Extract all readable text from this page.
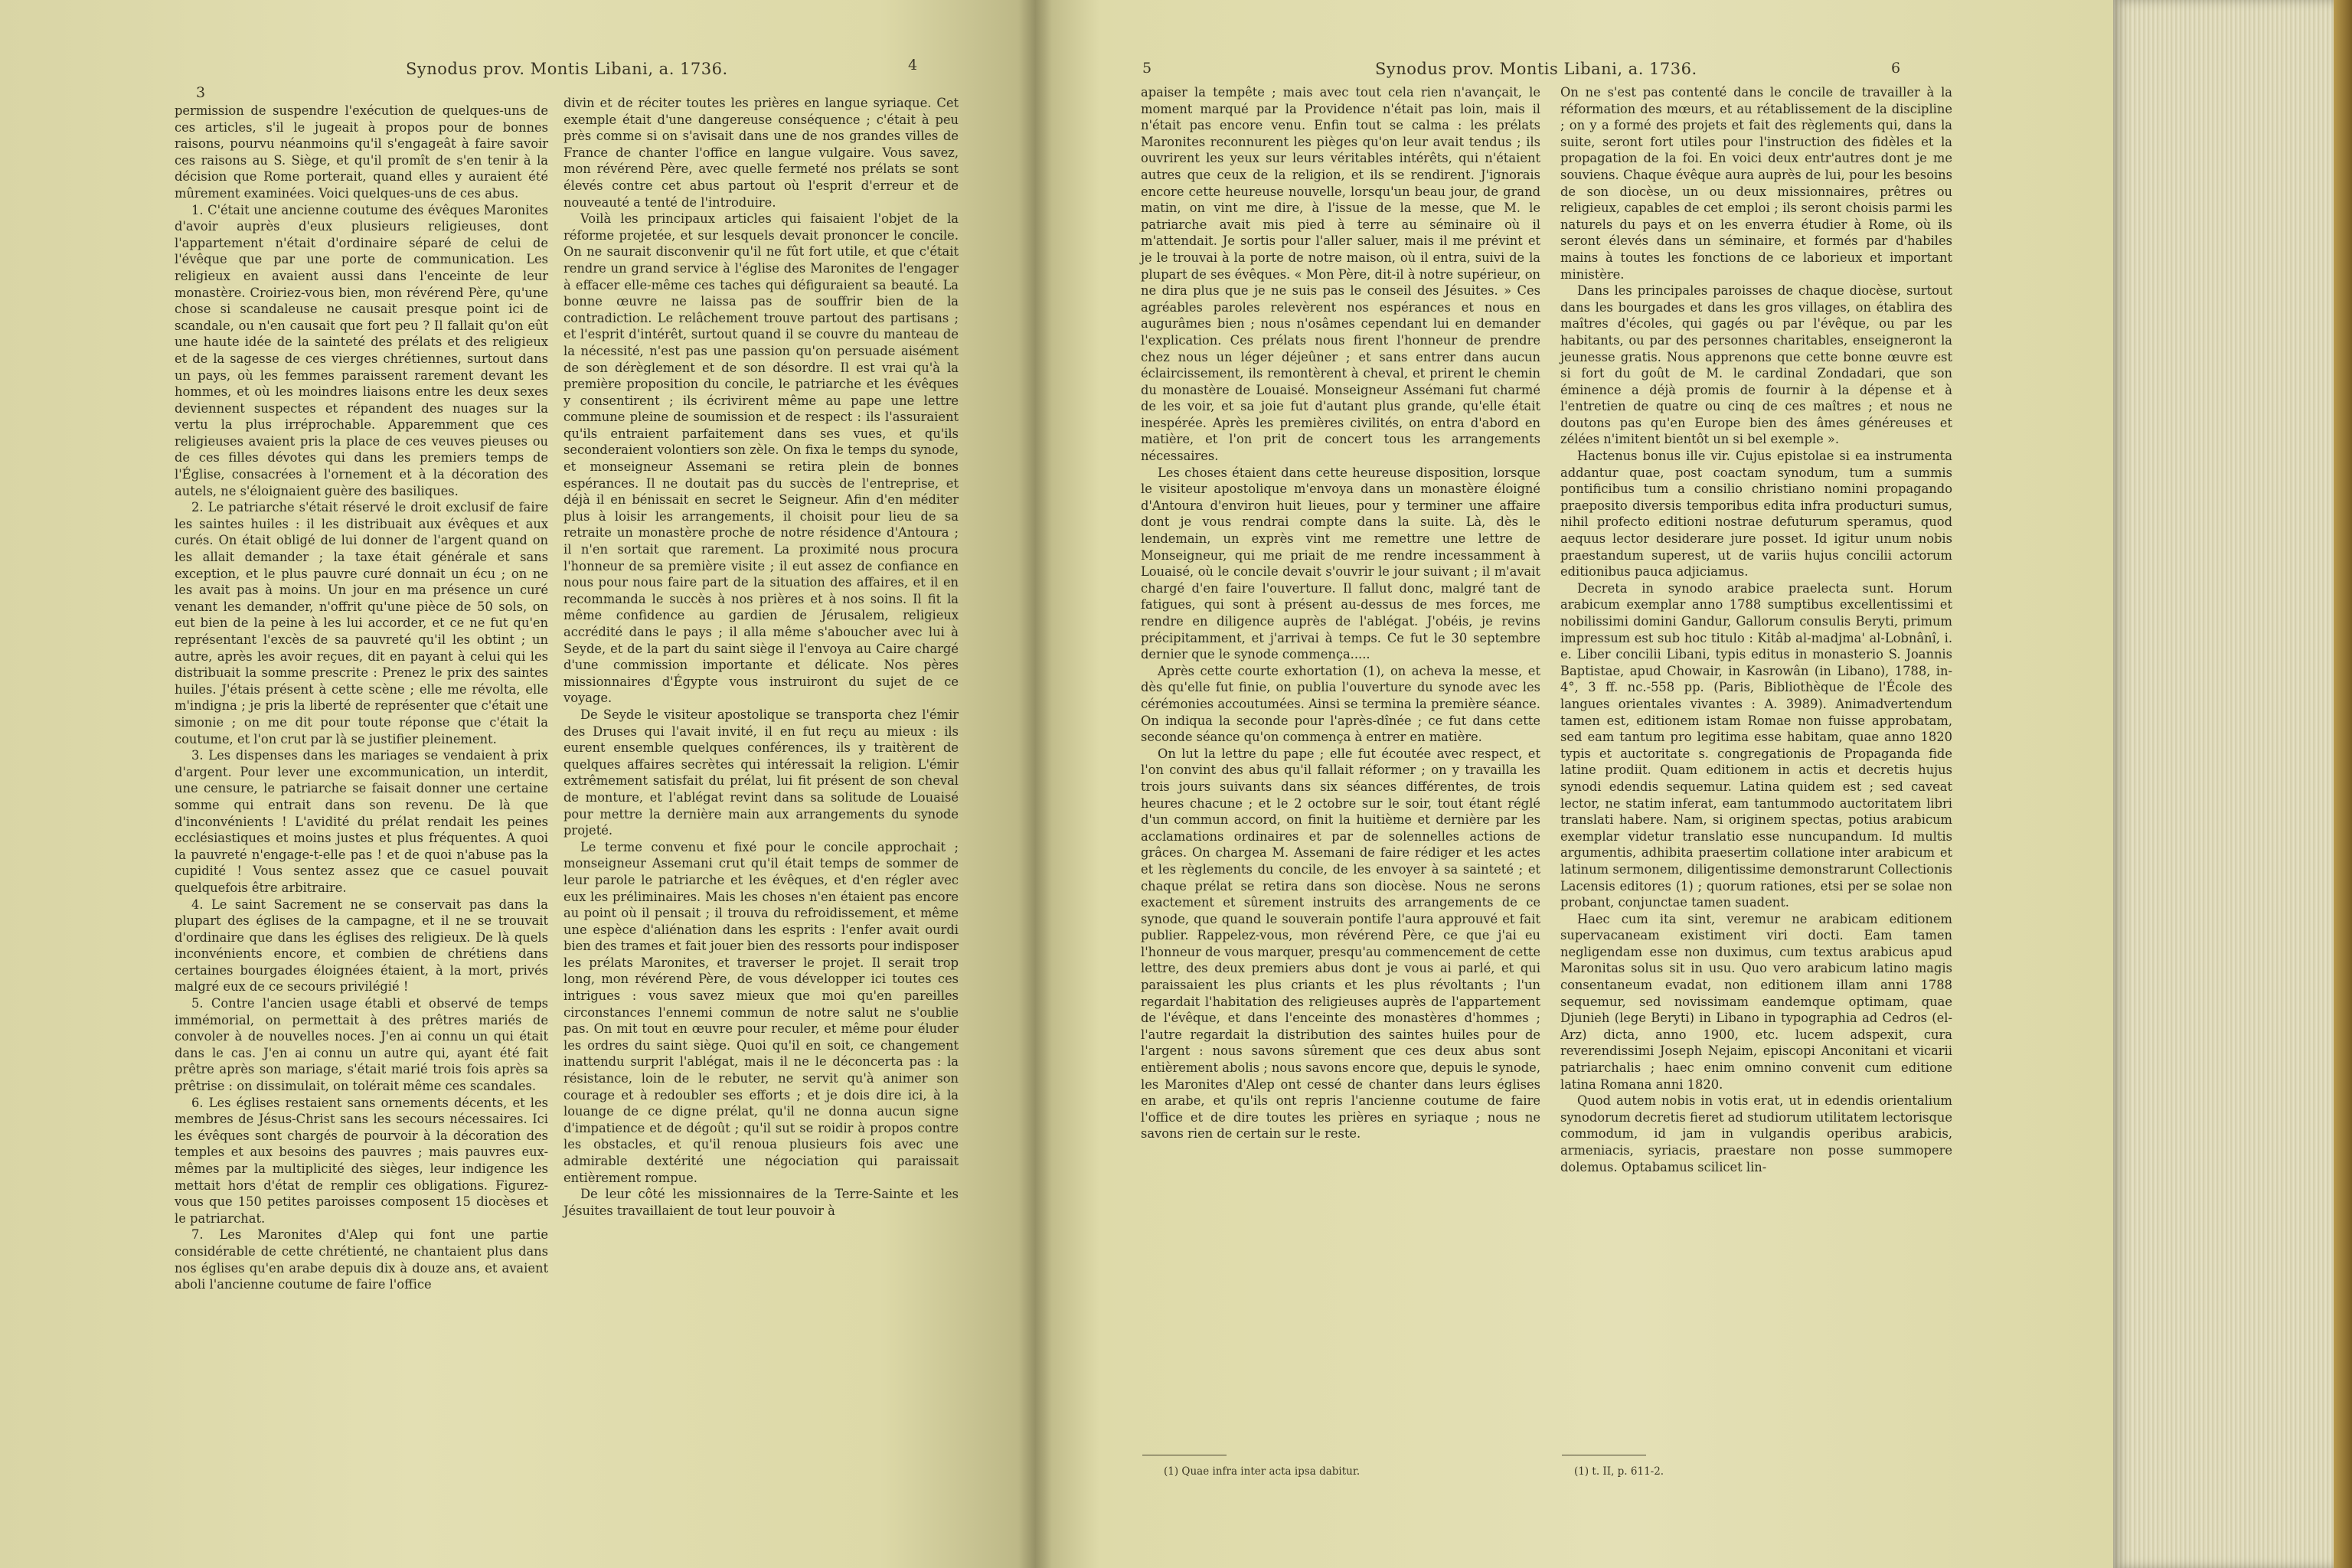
Synodus prov. Montis Libani, a. 1736.
3
4

permission de suspendre l'exécution de quelques-uns de ces articles, s'il le jugeait à propos pour de bonnes raisons, pourvu néanmoins qu'il s'engageât à faire savoir ces raisons au S. Siège, et qu'il promît de s'en tenir à la décision que Rome porterait, quand elles y auraient été mûrement examinées. Voici quelques-uns de ces abus.

1. C'était une ancienne coutume des évêques Maronites d'avoir auprès d'eux plusieurs religieuses, dont l'appartement n'était d'ordinaire séparé de celui de l'évêque que par une porte de communication. Les religieux en avaient aussi dans l'enceinte de leur monastère. Croiriez-vous bien, mon révérend Père, qu'une chose si scandaleuse ne causait presque point ici de scandale, ou n'en causait que fort peu ? Il fallait qu'on eût une haute idée de la sainteté des prélats et des religieux et de la sagesse de ces vierges chrétiennes, surtout dans un pays, où les femmes paraissent rarement devant les hommes, et où les moindres liaisons entre les deux sexes deviennent suspectes et répandent des nuages sur la vertu la plus irréprochable. Apparemment que ces religieuses avaient pris la place de ces veuves pieuses ou de ces filles dévotes qui dans les premiers temps de l'Église, consacrées à l'ornement et à la décoration des autels, ne s'éloignaient guère des basiliques.

2. Le patriarche s'était réservé le droit exclusif de faire les saintes huiles : il les distribuait aux évêques et aux curés. On était obligé de lui donner de l'argent quand on les allait demander ; la taxe était générale et sans exception, et le plus pauvre curé donnait un écu ; on ne les avait pas à moins. Un jour en ma présence un curé venant les demander, n'offrit qu'une pièce de 50 sols, on eut bien de la peine à les lui accorder, et ce ne fut qu'en représentant l'excès de sa pauvreté qu'il les obtint ; un autre, après les avoir reçues, dit en payant à celui qui les distribuait la somme prescrite : Prenez le prix des saintes huiles. J'étais présent à cette scène ; elle me révolta, elle m'indigna ; je pris la liberté de représenter que c'était une simonie ; on me dit pour toute réponse que c'était la coutume, et l'on crut par là se justifier pleinement.

3. Les dispenses dans les mariages se vendaient à prix d'argent. Pour lever une excommunication, un interdit, une censure, le patriarche se faisait donner une certaine somme qui entrait dans son revenu. De là que d'inconvénients ! L'avidité du prélat rendait les peines ecclésiastiques et moins justes et plus fréquentes. A quoi la pauvreté n'engage-t-elle pas ! et de quoi n'abuse pas la cupidité ! Vous sentez assez que ce casuel pouvait quelquefois être arbitraire.

4. Le saint Sacrement ne se conservait pas dans la plupart des églises de la campagne, et il ne se trouvait d'ordinaire que dans les églises des religieux. De là quels inconvénients encore, et combien de chrétiens dans certaines bourgades éloignées étaient, à la mort, privés malgré eux de ce secours privilégié !

5. Contre l'ancien usage établi et observé de temps immémorial, on permettait à des prêtres mariés de convoler à de nouvelles noces. J'en ai connu un qui était dans le cas. J'en ai connu un autre qui, ayant été fait prêtre après son mariage, s'était marié trois fois après sa prêtrise : on dissimulait, on tolérait même ces scandales.

6. Les églises restaient sans ornements décents, et les membres de Jésus-Christ sans les secours nécessaires. Ici les évêques sont chargés de pourvoir à la décoration des temples et aux besoins des pauvres ; mais pauvres eux-mêmes par la multiplicité des sièges, leur indigence les mettait hors d'état de remplir ces obligations. Figurez-vous que 150 petites paroisses composent 15 diocèses et le patriarchat.

7. Les Maronites d'Alep qui font une partie considérable de cette chrétienté, ne chantaient plus dans nos églises qu'en arabe depuis dix à douze ans, et avaient aboli l'ancienne coutume de faire l'office

divin et de réciter toutes les prières en langue syriaque. Cet exemple était d'une dangereuse conséquence ; c'était à peu près comme si on s'avisait dans une de nos grandes villes de France de chanter l'office en langue vulgaire. Vous savez, mon révérend Père, avec quelle fermeté nos prélats se sont élevés contre cet abus partout où l'esprit d'erreur et de nouveauté a tenté de l'introduire.

Voilà les principaux articles qui faisaient l'objet de la réforme projetée, et sur lesquels devait prononcer le concile. On ne saurait disconvenir qu'il ne fût fort utile, et que c'était rendre un grand service à l'église des Maronites de l'engager à effacer elle-même ces taches qui défiguraient sa beauté. La bonne œuvre ne laissa pas de souffrir bien de la contradiction. Le relâchement trouve partout des partisans ; et l'esprit d'intérêt, surtout quand il se couvre du manteau de la nécessité, n'est pas une passion qu'on persuade aisément de son dérèglement et de son désordre. Il est vrai qu'à la première proposition du concile, le patriarche et les évêques y consentirent ; ils écrivirent même au pape une lettre commune pleine de soumission et de respect : ils l'assuraient qu'ils entraient parfaitement dans ses vues, et qu'ils seconderaient volontiers son zèle. On fixa le temps du synode, et monseigneur Assemani se retira plein de bonnes espérances. Il ne doutait pas du succès de l'entreprise, et déjà il en bénissait en secret le Seigneur. Afin d'en méditer plus à loisir les arrangements, il choisit pour lieu de sa retraite un monastère proche de notre résidence d'Antoura ; il n'en sortait que rarement. La proximité nous procura l'honneur de sa première visite ; il eut assez de confiance en nous pour nous faire part de la situation des affaires, et il en recommanda le succès à nos prières et à nos soins. Il fit la même confidence au gardien de Jérusalem, religieux accrédité dans le pays ; il alla même s'aboucher avec lui à Seyde, et de la part du saint siège il l'envoya au Caire chargé d'une commission importante et délicate. Nos pères missionnaires d'Égypte vous instruiront du sujet de ce voyage.

De Seyde le visiteur apostolique se transporta chez l'émir des Druses qui l'avait invité, il en fut reçu au mieux : ils eurent ensemble quelques conférences, ils y traitèrent de quelques affaires secrètes qui intéressait la religion. L'émir extrêmement satisfait du prélat, lui fit présent de son cheval de monture, et l'ablégat revint dans sa solitude de Louaisé pour mettre la dernière main aux arrangements du synode projeté.

Le terme convenu et fixé pour le concile approchait ; monseigneur Assemani crut qu'il était temps de sommer de leur parole le patriarche et les évêques, et d'en régler avec eux les préliminaires. Mais les choses n'en étaient pas encore au point où il pensait ; il trouva du refroidissement, et même une espèce d'aliénation dans les esprits : l'enfer avait ourdi bien des trames et fait jouer bien des ressorts pour indisposer les prélats Maronites, et traverser le projet. Il serait trop long, mon révérend Père, de vous développer ici toutes ces intrigues : vous savez mieux que moi qu'en pareilles circonstances l'ennemi commun de notre salut ne s'oublie pas. On mit tout en œuvre pour reculer, et même pour éluder les ordres du saint siège. Quoi qu'il en soit, ce changement inattendu surprit l'ablégat, mais il ne le déconcerta pas : la résistance, loin de le rebuter, ne servit qu'à animer son courage et à redoubler ses efforts ; et je dois dire ici, à la louange de ce digne prélat, qu'il ne donna aucun signe d'impatience et de dégoût ; qu'il sut se roidir à propos contre les obstacles, et qu'il renoua plusieurs fois avec une admirable dextérité une négociation qui paraissait entièrement rompue.

De leur côté les missionnaires de la Terre-Sainte et les Jésuites travaillaient de tout leur pouvoir à

5	Synodus prov. Montis Libani, a. 1736.	6

apaiser la tempête ; mais avec tout cela rien n'avançait, le moment marqué par la Providence n'était pas loin, mais il n'était pas encore venu. Enfin tout se calma : les prélats Maronites reconnurent les pièges qu'on leur avait tendus ; ils ouvrirent les yeux sur leurs véritables intérêts, qui n'étaient autres que ceux de la religion, et ils se rendirent. J'ignorais encore cette heureuse nouvelle, lorsqu'un beau jour, de grand matin, on vint me dire, à l'issue de la messe, que M. le patriarche avait mis pied à terre au séminaire où il m'attendait. Je sortis pour l'aller saluer, mais il me prévint et je le trouvai à la porte de notre maison, où il entra, suivi de la plupart de ses évêques. « Mon Père, dit-il à notre supérieur, on ne dira plus que je ne suis pas le conseil des Jésuites. » Ces agréables paroles relevèrent nos espérances et nous en augurâmes bien ; nous n'osâmes cependant lui en demander l'explication. Ces prélats nous firent l'honneur de prendre chez nous un léger déjeûner ; et sans entrer dans aucun éclaircissement, ils remontèrent à cheval, et prirent le chemin du monastère de Louaisé. Monseigneur Assémani fut charmé de les voir, et sa joie fut d'autant plus grande, qu'elle était inespérée. Après les premières civilités, on entra d'abord en matière, et l'on prit de concert tous les arrangements nécessaires.

Les choses étaient dans cette heureuse disposition, lorsque le visiteur apostolique m'envoya dans un monastère éloigné d'Antoura d'environ huit lieues, pour y terminer une affaire dont je vous rendrai compte dans la suite. Là, dès le lendemain, un exprès vint me remettre une lettre de Monseigneur, qui me priait de me rendre incessamment à Louaisé, où le concile devait s'ouvrir le jour suivant ; il m'avait chargé d'en faire l'ouverture. Il fallut donc, malgré tant de fatigues, qui sont à présent au-dessus de mes forces, me rendre en diligence auprès de l'ablégat. J'obéis, je revins précipitamment, et j'arrivai à temps. Ce fut le 30 septembre dernier que le synode commença.....

Après cette courte exhortation (1), on acheva la messe, et dès qu'elle fut finie, on publia l'ouverture du synode avec les cérémonies accoutumées. Ainsi se termina la première séance. On indiqua la seconde pour l'après-dînée ; ce fut dans cette seconde séance qu'on commença à entrer en matière.

On lut la lettre du pape ; elle fut écoutée avec respect, et l'on convint des abus qu'il fallait réformer ; on y travailla les trois jours suivants dans six séances différentes, de trois heures chacune ; et le 2 octobre sur le soir, tout étant réglé d'un commun accord, on finit la huitième et dernière par les acclamations ordinaires et par de solennelles actions de grâces. On chargea M. Assemani de faire rédiger et les actes et les règlements du concile, de les envoyer à sa sainteté ; et chaque prélat se retira dans son diocèse. Nous ne serons exactement et sûrement instruits des arrangements de ce synode, que quand le souverain pontife l'aura approuvé et fait publier. Rappelez-vous, mon révérend Père, ce que j'ai eu l'honneur de vous marquer, presqu'au commencement de cette lettre, des deux premiers abus dont je vous ai parlé, et qui paraissaient les plus criants et les plus révoltants ; l'un regardait l'habitation des religieuses auprès de l'appartement de l'évêque, et dans l'enceinte des monastères d'hommes ; l'autre regardait la distribution des saintes huiles pour de l'argent : nous savons sûrement que ces deux abus sont entièrement abolis ; nous savons encore que, depuis le synode, les Maronites d'Alep ont cessé de chanter dans leurs églises en arabe, et qu'ils ont repris l'ancienne coutume de faire l'office et de dire toutes les prières en syriaque ; nous ne savons rien de certain sur le reste.

On ne s'est pas contenté dans le concile de travailler à la réformation des mœurs, et au rétablissement de la discipline ; on y a formé des projets et fait des règlements qui, dans la suite, seront fort utiles pour l'instruction des fidèles et la propagation de la foi. En voici deux entr'autres dont je me souviens. Chaque évêque aura auprès de lui, pour les besoins de son diocèse, un ou deux missionnaires, prêtres ou religieux, capables de cet emploi ; ils seront choisis parmi les naturels du pays et on les enverra étudier à Rome, où ils seront élevés dans un séminaire, et formés par d'habiles mains à toutes les fonctions de ce laborieux et important ministère.

Dans les principales paroisses de chaque diocèse, surtout dans les bourgades et dans les gros villages, on établira des maîtres d'écoles, qui gagés ou par l'évêque, ou par les habitants, ou par des personnes charitables, enseigneront la jeunesse gratis. Nous apprenons que cette bonne œuvre est si fort du goût de M. le cardinal Zondadari, que son éminence a déjà promis de fournir à la dépense et à l'entretien de quatre ou cinq de ces maîtres ; et nous ne doutons pas qu'en Europe bien des âmes généreuses et zélées n'imitent bientôt un si bel exemple ».

Hactenus bonus ille vir. Cujus epistolae si ea instrumenta addantur quae, post coactam synodum, tum a summis pontificibus tum a consilio christiano nomini propagando praeposito diversis temporibus edita infra producturi sumus, nihil profecto editioni nostrae defuturum speramus, quod aequus lector desiderare jure posset. Id igitur unum nobis praestandum superest, ut de variis hujus concilii actorum editionibus pauca adjiciamus.

Decreta in synodo arabice praelecta sunt. Horum arabicum exemplar anno 1788 sumptibus excellentissimi et nobilissimi domini Gandur, Gallorum consulis Beryti, primum impressum est sub hoc titulo : Kitâb al-madjma' al-Lobnânî, i. e. Liber concilii Libani, typis editus in monasterio S. Joannis Baptistae, apud Chowair, in Kasrowân (in Libano), 1788, in-4°, 3 ff. nc.-558 pp. (Paris, Bibliothèque de l'École des langues orientales vivantes : A. 3989). Animadvertendum tamen est, editionem istam Romae non fuisse approbatam, sed eam tantum pro legitima esse habitam, quae anno 1820 typis et auctoritate s. congregationis de Propaganda fide latine prodiit. Quam editionem in actis et decretis hujus synodi edendis sequemur. Latina quidem est ; sed caveat lector, ne statim inferat, eam tantummodo auctoritatem libri translati habere. Nam, si originem spectas, potius arabicum exemplar videtur translatio esse nuncupandum. Id multis argumentis, adhibita praesertim collatione inter arabicum et latinum sermonem, diligentissime demonstrarunt Collectionis Lacensis editores (1) ; quorum rationes, etsi per se solae non probant, conjunctae tamen suadent.

Haec cum ita sint, veremur ne arabicam editionem supervacaneam existiment viri docti. Eam tamen negligendam esse non duximus, cum textus arabicus apud Maronitas solus sit in usu. Quo vero arabicum latino magis consentaneum evadat, non editionem illam anni 1788 sequemur, sed novissimam eandemque optimam, quae Djunieh (lege Beryti) in Libano in typographia ad Cedros (el-Arz) dicta, anno 1900, etc. lucem adspexit, cura reverendissimi Joseph Nejaim, episcopi Anconitani et vicarii patriarchalis ; haec enim omnino convenit cum editione latina Romana anni 1820.

Quod autem nobis in votis erat, ut in edendis orientalium synodorum decretis fieret ad studiorum utilitatem lectorisque commodum, id jam in vulgandis operibus arabicis, armeniacis, syriacis, praestare non posse summopere dolemus. Optabamus scilicet lin-

(1) Quae infra inter acta ipsa dabitur.	(1) t. II, p. 611-2.
